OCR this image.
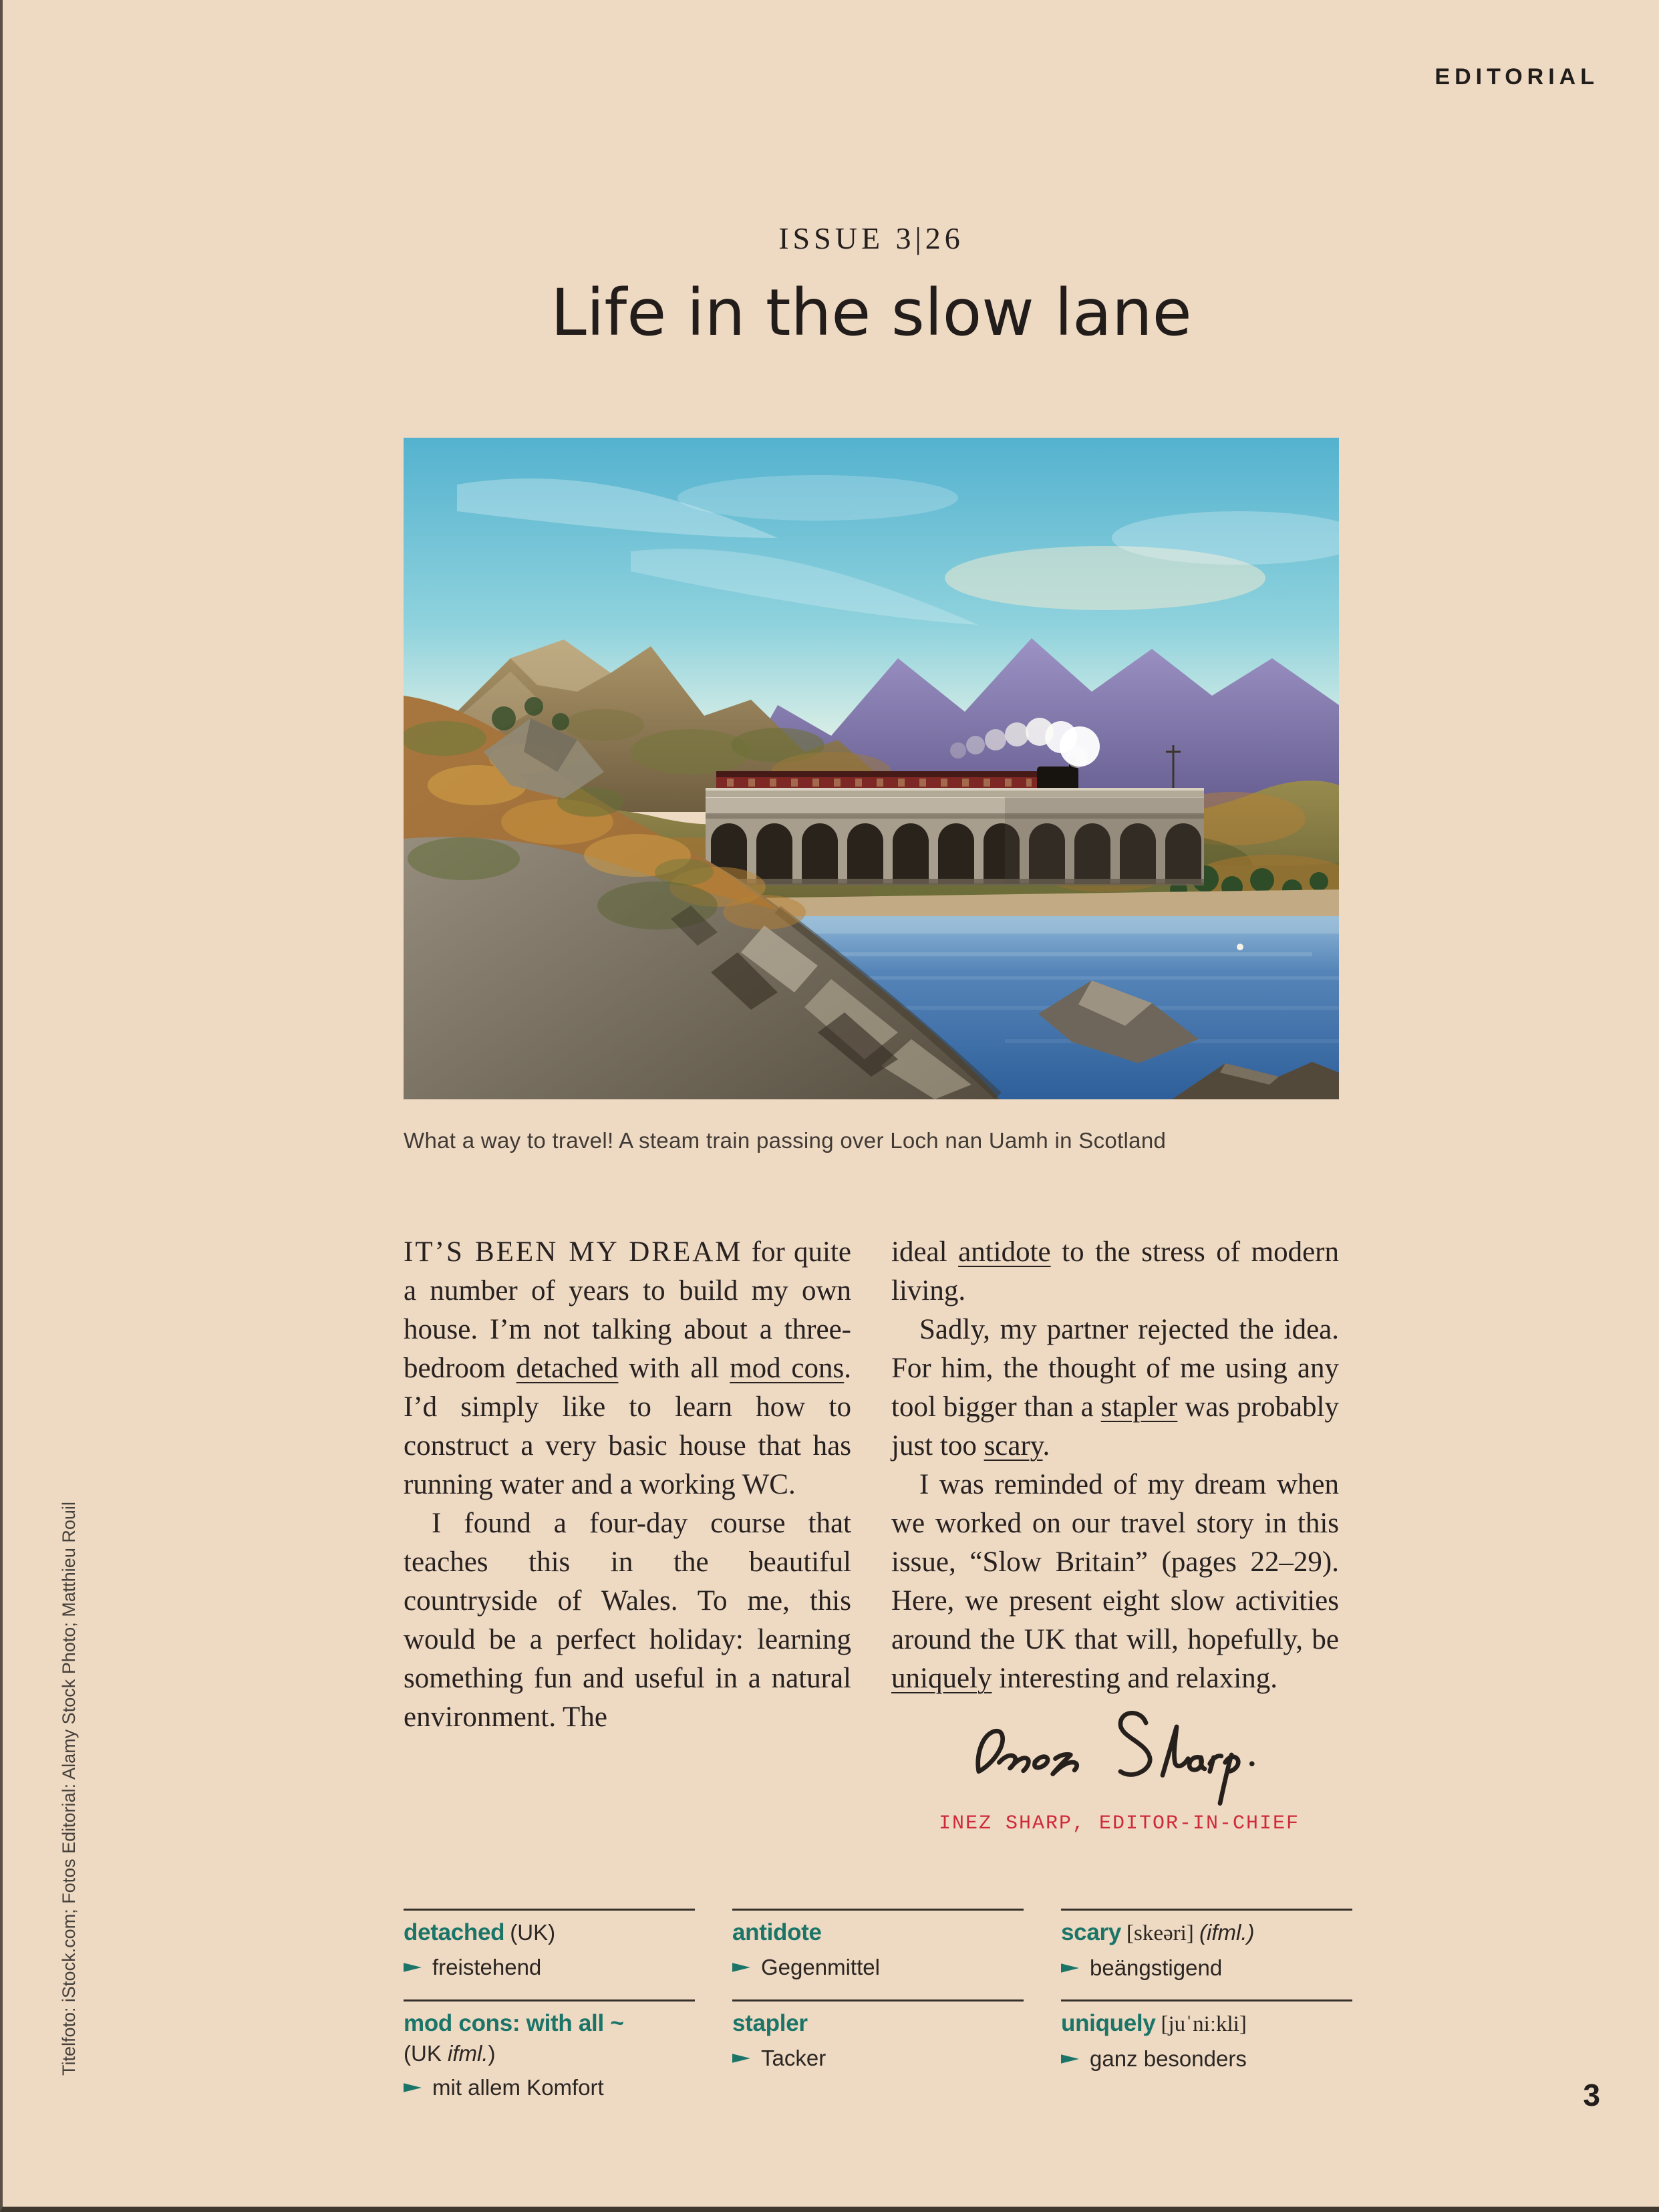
EDITORIAL
ISSUE 3|26
Life in the slow lane
What a way to travel! A steam train passing over Loch nan Uamh in Scotland

IT’S BEEN MY DREAM for quite a number of years to build my own house. I’m not talking about a three-bedroom detached with all mod cons. I’d simply like to learn how to construct a very basic house that has running water and a working WC.

I found a four-day course that teaches this in the beautiful countryside of Wales. To me, this would be a perfect holiday: learning something fun and useful in a natural environment. The

ideal antidote to the stress of modern living.

Sadly, my partner rejected the idea. For him, the thought of me using any tool bigger than a stapler was probably just too scary.

I was reminded of my dream when we worked on our travel story in this issue, “Slow Britain” (pages 22–29). Here, we present eight slow activities around the UK that will, hopefully, be uniquely interesting and relaxing.

INEZ SHARP, EDITOR-IN-CHIEF
detached (UK)
freistehend
mod cons: with all ~
(UK ifml.)
mit allem Komfort
antidote
Gegenmittel
stapler
Tacker
scary [skeəri] (ifml.)
beängstigend
uniquely [juˈniːkli]
ganz besonders
Titelfoto: iStock.com; Fotos Editorial: Alamy Stock Photo; Matthieu Rouil
3
